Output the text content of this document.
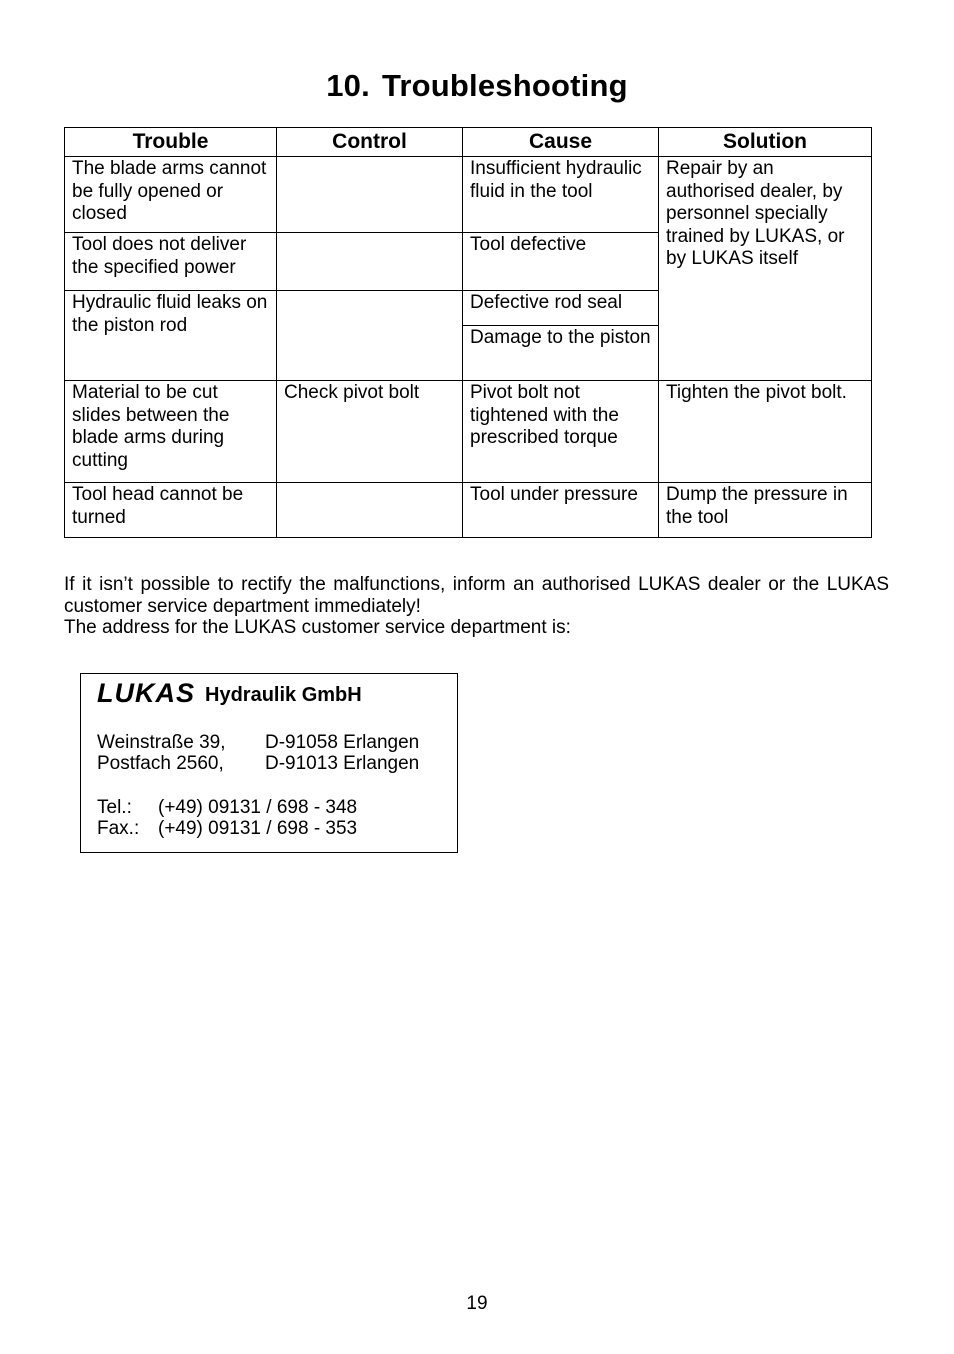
10. Troubleshooting
Trouble	Control	Cause	Solution
The blade arms cannot be fully opened or closed		Insufficient hydraulic fluid in the tool	Repair by an authorised dealer, by personnel specially trained by LUKAS, or by LUKAS itself
Tool does not deliver the specified power		Tool defective	
Hydraulic fluid leaks on the piston rod		Defective rod seal	
		Damage to the piston	
Material to be cut slides between the blade arms during cutting	Check pivot bolt	Pivot bolt not tightened with the prescribed torque	Tighten the pivot bolt.
Tool head cannot be turned		Tool under pressure	Dump the pressure in the tool
If it isn’t possible to rectify the malfunctions, inform an authorised LUKAS dealer or the LUKAS customer service department immediately!
The address for the LUKAS customer service department is:
LUKAS Hydraulik GmbH
Weinstraße 39, D-91058 Erlangen
Postfach 2560, D-91013 Erlangen
Tel.: (+49) 09131 / 698 - 348
Fax.: (+49) 09131 / 698 - 353
19
